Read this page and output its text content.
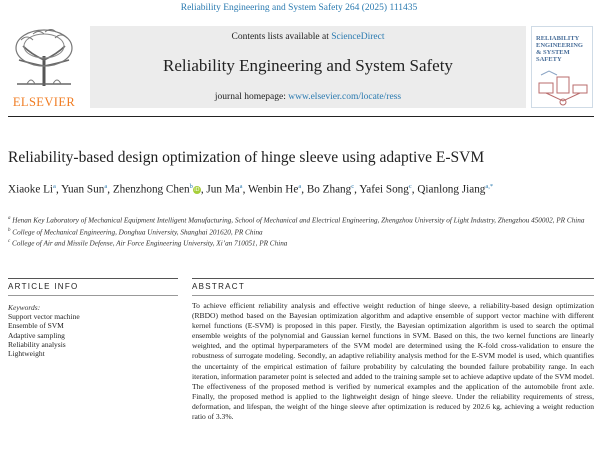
Reliability Engineering and System Safety 264 (2025) 111435
ELSEVIER
Contents lists available at ScienceDirect
Reliability Engineering and System Safety
journal homepage: www.elsevier.com/locate/ress
RELIABILITY ENGINEERING & SYSTEM SAFETY
Reliability-based design optimization of hinge sleeve using adaptive E-SVM
Xiaoke Li$^a$, Yuan Sun$^a$, Zhenzhong Chen$^b$iD, Jun Ma$^a$, Wenbin He$^a$, Bo Zhang$^c$, Yafei Song$^c$, Qianlong Jiang$^{a,*}$
$^a$ Henan Key Laboratory of Mechanical Equipment Intelligent Manufacturing, School of Mechanical and Electrical Engineering, Zhengzhou University of Light Industry, Zhengzhou 450002, PR China
$^b$ College of Mechanical Engineering, Donghua University, Shanghai 201620, PR China
$^c$ College of Air and Missile Defense, Air Force Engineering University, Xi’an 710051, PR China
ARTICLE INFO	ABSTRACT
Keywords:
Support vector machine
Ensemble of SVM
Adaptive sampling
Reliability analysis
Lightweight
To achieve efficient reliability analysis and effective weight reduction of hinge sleeve, a reliability-based design optimization (RBDO) method based on the Bayesian optimization algorithm and adaptive ensemble of support vector machine with different kernel functions (E-SVM) is proposed in this paper. Firstly, the Bayesian optimization algorithm is used to search the optimal ensemble weights of the polynomial and Gaussian kernel functions in SVM. Based on this, the two kernel functions are linearly weighted, and the optimal hyperparameters of the SVM model are determined using the K-fold cross-validation to ensure the robustness of surrogate modeling. Secondly, an adaptive reliability analysis method for the E-SVM model is used, which quantifies the uncertainty of the empirical estimation of failure probability by calculating the bounded failure probability range. In each iteration, information parameter point is selected and added to the training sample set to achieve adaptive update of the SVM model. The effectiveness of the proposed method is verified by numerical examples and the application of the automobile front axle. Finally, the proposed method is applied to the lightweight design of hinge sleeve. Under the reliability requirements of stress, deformation, and lifespan, the weight of the hinge sleeve after optimization is reduced by 202.6 kg, achieving a weight reduction ratio of 3.3%.
